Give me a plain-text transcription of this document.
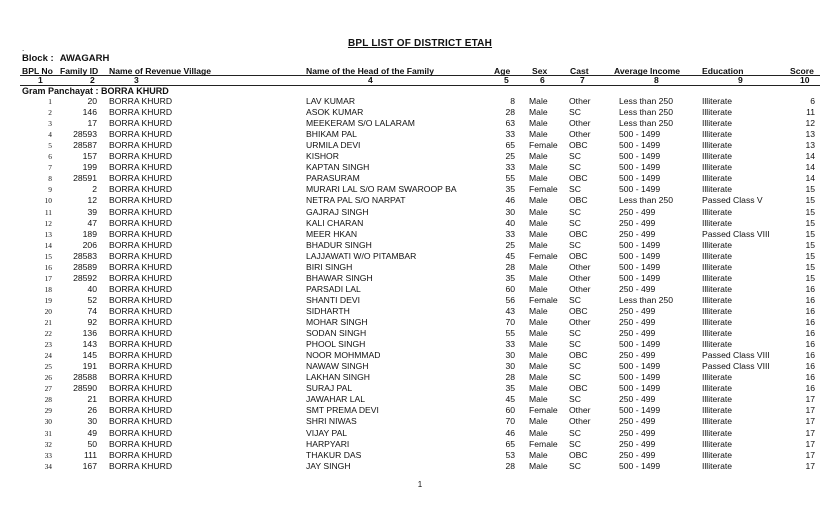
BPL LIST OF DISTRICT ETAH
.
Block : AWAGARH
BPL No Family ID Name of Revenue Village	Name of the Head of the Family	Age	Sex	Cast	Average Income	Education	Score
1	2	3	4	5	6	7	8	9	10
Gram Panchayat : BORRA KHURD
1	20 BORRA KHURD	LAV KUMAR	8 Male Other	Less than 250	Illiterate	6
2	146 BORRA KHURD	ASOK KUMAR	28 Male SC	Less than 250	Illiterate	11
3	17 BORRA KHURD	MEEKERAM S/O LALARAM	63 Male Other	Less than 250	Illiterate	12
4	28593 BORRA KHURD	BHIKAM PAL	33 Male Other	500 - 1499	Illiterate	13
5	28587 BORRA KHURD	URMILA DEVI	65 Female OBC	500 - 1499	Illiterate	13
6	157 BORRA KHURD	KISHOR	25 Male SC	500 - 1499	Illiterate	14
7	199 BORRA KHURD	KAPTAN SINGH	33 Male SC	500 - 1499	Illiterate	14
8	28591 BORRA KHURD	PARASURAM	55 Male OBC	500 - 1499	Illiterate	14
9	2 BORRA KHURD	MURARI LAL S/O RAM SWAROOP BA	35 Female SC	500 - 1499	Illiterate	15
10	12 BORRA KHURD	NETRA PAL S/O NARPAT	46 Male OBC	Less than 250	Passed Class V	15
11	39 BORRA KHURD	GAJRAJ SINGH	30 Male SC	250 - 499	Illiterate	15
12	47 BORRA KHURD	KALI CHARAN	40 Male SC	250 - 499	Illiterate	15
13	189 BORRA KHURD	MEER HKAN	33 Male OBC	250 - 499	Passed Class VIII	15
14	206 BORRA KHURD	BHADUR SINGH	25 Male SC	500 - 1499	Illiterate	15
15	28583 BORRA KHURD	LAJJAWATI W/O PITAMBAR	45 Female OBC	500 - 1499	Illiterate	15
16	28589 BORRA KHURD	BIRI SINGH	28 Male Other	500 - 1499	Illiterate	15
17	28592 BORRA KHURD	BHAWAR SINGH	35 Male Other	500 - 1499	Illiterate	15
18	40 BORRA KHURD	PARSADI LAL	60 Male Other	250 - 499	Illiterate	16
19	52 BORRA KHURD	SHANTI DEVI	56 Female SC	Less than 250	Illiterate	16
20	74 BORRA KHURD	SIDHARTH	43 Male OBC	250 - 499	Illiterate	16
21	92 BORRA KHURD	MOHAR SINGH	70 Male Other	250 - 499	Illiterate	16
22	136 BORRA KHURD	SODAN SINGH	55 Male SC	250 - 499	Illiterate	16
23	143 BORRA KHURD	PHOOL SINGH	33 Male SC	500 - 1499	Illiterate	16
24	145 BORRA KHURD	NOOR MOHMMAD	30 Male OBC	250 - 499	Passed Class VIII	16
25	191 BORRA KHURD	NAWAW SINGH	30 Male SC	500 - 1499	Passed Class VIII	16
26	28588 BORRA KHURD	LAKHAN SINGH	28 Male SC	500 - 1499	Illiterate	16
27	28590 BORRA KHURD	SURAJ PAL	35 Male OBC	500 - 1499	Illiterate	16
28	21 BORRA KHURD	JAWAHAR LAL	45 Male SC	250 - 499	Illiterate	17
29	26 BORRA KHURD	SMT PREMA DEVI	60 Female Other	500 - 1499	Illiterate	17
30	30 BORRA KHURD	SHRI NIWAS	70 Male Other	250 - 499	Illiterate	17
31	49 BORRA KHURD	VIJAY PAL	46 Male SC	250 - 499	Illiterate	17
32	50 BORRA KHURD	HARPYARI	65 Female SC	250 - 499	Illiterate	17
33	111 BORRA KHURD	THAKUR DAS	53 Male OBC	250 - 499	Illiterate	17
34	167 BORRA KHURD	JAY SINGH	28 Male SC	500 - 1499	Illiterate	17
1
